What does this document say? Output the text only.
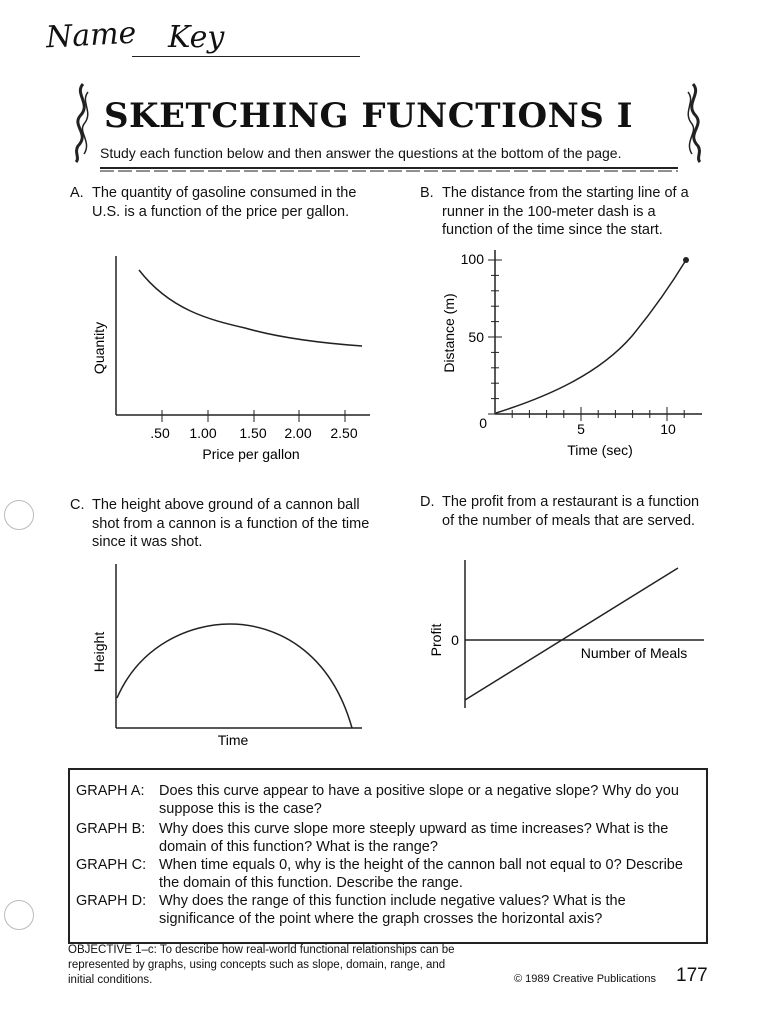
Name Key
SKETCHING FUNCTIONS I
Study each function below and then answer the questions at the bottom of the page.
A. The quantity of gasoline consumed in the U.S. is a function of the price per gallon.
.50 1.00 1.50 2.00 2.50
Price per gallon
Quantity
B. The distance from the starting line of a runner in the 100-meter dash is a function of the time since the start.
100
50
0	5	10
Time (sec)
Distance (m)
C. The height above ground of a cannon ball shot from a cannon is a function of the time since it was shot.
Time
Height
D. The profit from a restaurant is a function of the number of meals that are served.
0
Number of Meals
Profit
GRAPH A:	Does this curve appear to have a positive slope or a negative slope? Why do you suppose this is the case?
GRAPH B: Why does this curve slope more steeply upward as time increases? What is the domain of this function? What is the range?
GRAPH C: When time equals 0, why is the height of the cannon ball not equal to 0? Describe the domain of this function. Describe the range.
GRAPH D: Why does the range of this function include negative values? What is the significance of the point where the graph crosses the horizontal axis?
OBJECTIVE 1–c: To describe how real-world functional relationships can be represented by graphs, using concepts such as slope, domain, range, and initial conditions.	© 1989 Creative Publications 177
